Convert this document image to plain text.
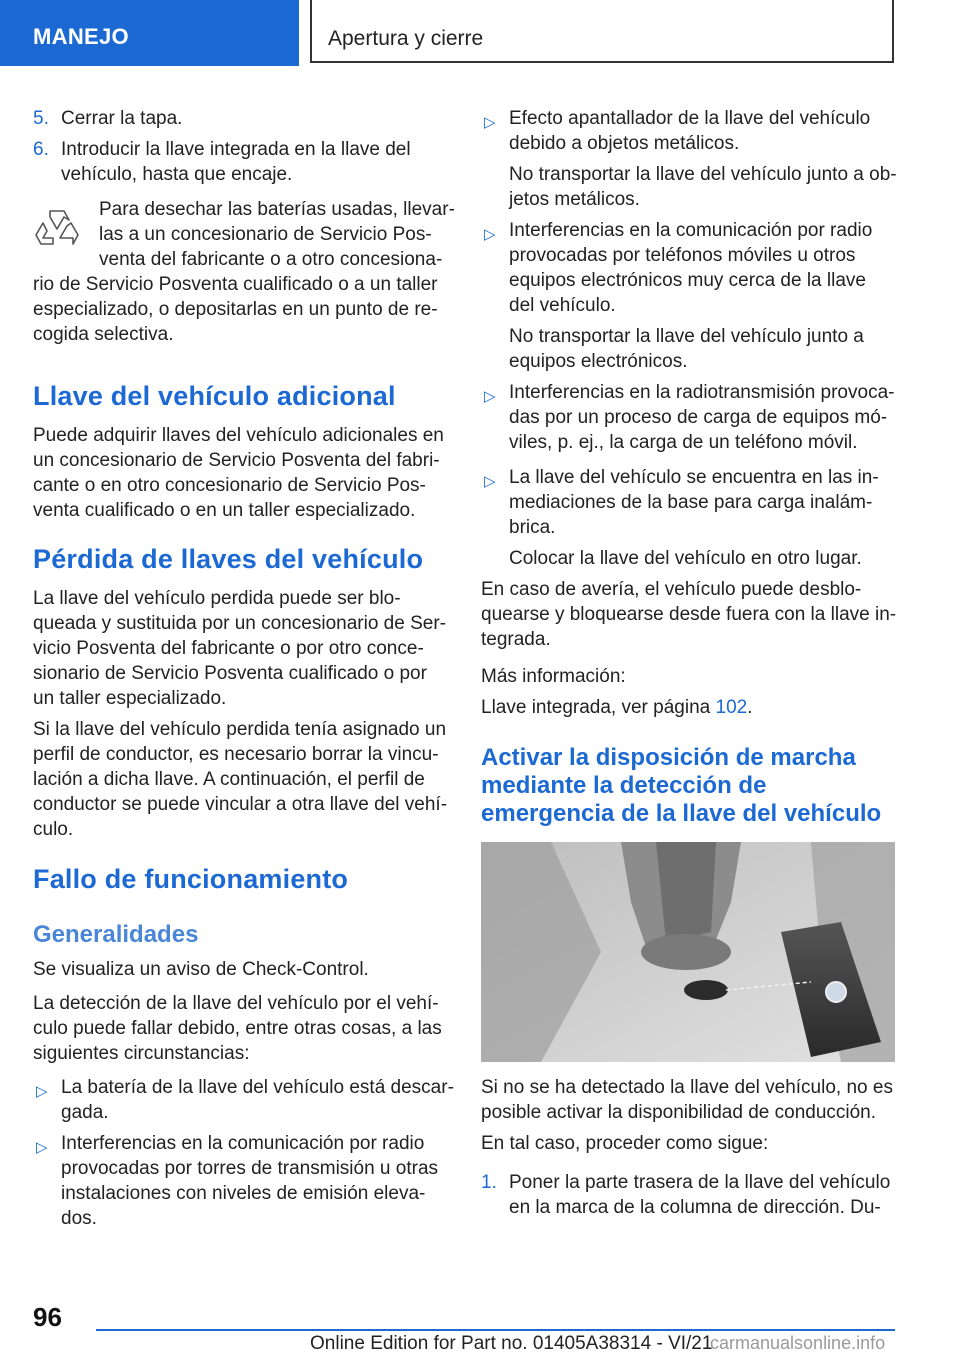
MANEJO	Apertura y cierre
5. Cerrar la tapa.
6. Introducir la llave integrada en la llave del
vehículo, hasta que encaje.
Para desechar las baterías usadas, llevar-
las a un concesionario de Servicio Pos-
venta del fabricante o a otro concesiona-
rio de Servicio Posventa cualificado o a un taller
especializado, o depositarlas en un punto de re-
cogida selectiva.
Llave del vehículo adicional
Puede adquirir llaves del vehículo adicionales en
un concesionario de Servicio Posventa del fabri-
cante o en otro concesionario de Servicio Pos-
venta cualificado o en un taller especializado.
Pérdida de llaves del vehículo
La llave del vehículo perdida puede ser blo-
queada y sustituida por un concesionario de Ser-
vicio Posventa del fabricante o por otro conce-
sionario de Servicio Posventa cualificado o por
un taller especializado.
Si la llave del vehículo perdida tenía asignado un
perfil de conductor, es necesario borrar la vincu-
lación a dicha llave. A continuación, el perfil de
conductor se puede vincular a otra llave del vehí-
culo.
Fallo de funcionamiento
Generalidades
Se visualiza un aviso de Check-Control.
La detección de la llave del vehículo por el vehí-
culo puede fallar debido, entre otras cosas, a las
siguientes circunstancias:
▷ La batería de la llave del vehículo está descar-
gada.
▷ Interferencias en la comunicación por radio
provocadas por torres de transmisión u otras
instalaciones con niveles de emisión eleva-
dos.
▷ Efecto apantallador de la llave del vehículo
debido a objetos metálicos.
No transportar la llave del vehículo junto a ob-
jetos metálicos.
▷ Interferencias en la comunicación por radio
provocadas por teléfonos móviles u otros
equipos electrónicos muy cerca de la llave
del vehículo.
No transportar la llave del vehículo junto a
equipos electrónicos.
▷ Interferencias en la radiotransmisión provoca-
das por un proceso de carga de equipos mó-
viles, p. ej., la carga de un teléfono móvil.
▷ La llave del vehículo se encuentra en las in-
mediaciones de la base para carga inalám-
brica.
Colocar la llave del vehículo en otro lugar.
En caso de avería, el vehículo puede desblo-
quearse y bloquearse desde fuera con la llave in-
tegrada.
Más información:
Llave integrada, ver página 102.
Activar la disposición de marcha
mediante la detección de
emergencia de la llave del vehículo
Si no se ha detectado la llave del vehículo, no es
posible activar la disponibilidad de conducción.
En tal caso, proceder como sigue:
1. Poner la parte trasera de la llave del vehículo
en la marca de la columna de dirección. Du-
96
Online Edition for Part no. 01405A38314 - VI/21
carmanualsonline.info
